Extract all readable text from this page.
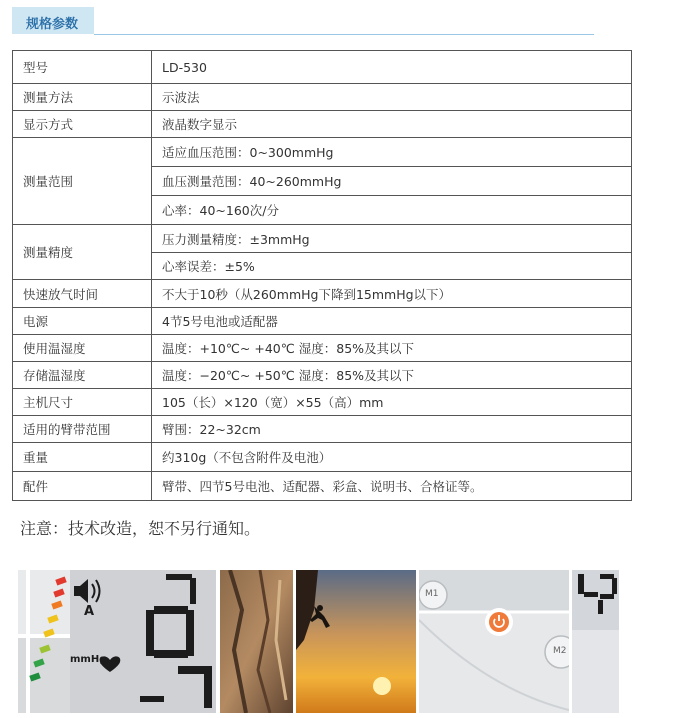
规格参数
型号	LD-530
测量方法	示波法
显示方式	液晶数字显示
测量范围	适应血压范围：0~300mmHg
	血压测量范围：40~260mmHg
	心率：40~160次/分
测量精度	压力测量精度：±3mmHg
	心率误差：±5%
快速放气时间	不大于10秒（从260mmHg下降到15mmHg以下）
电源	4节5号电池或适配器
使用温湿度	温度：+10℃~ +40℃ 湿度：85%及其以下
存储温湿度	温度：−20℃~ +50℃ 湿度：85%及其以下
主机尺寸	105（长）×120（宽）×55（高）mm
适用的臂带范围	臂围：22~32cm
重量	约310g（不包含附件及电池）
配件	臂带、四节5号电池、适配器、彩盒、说明书、合格证等。
注意：技术改造，恕不另行通知。
A
mmHg
M1
M2
